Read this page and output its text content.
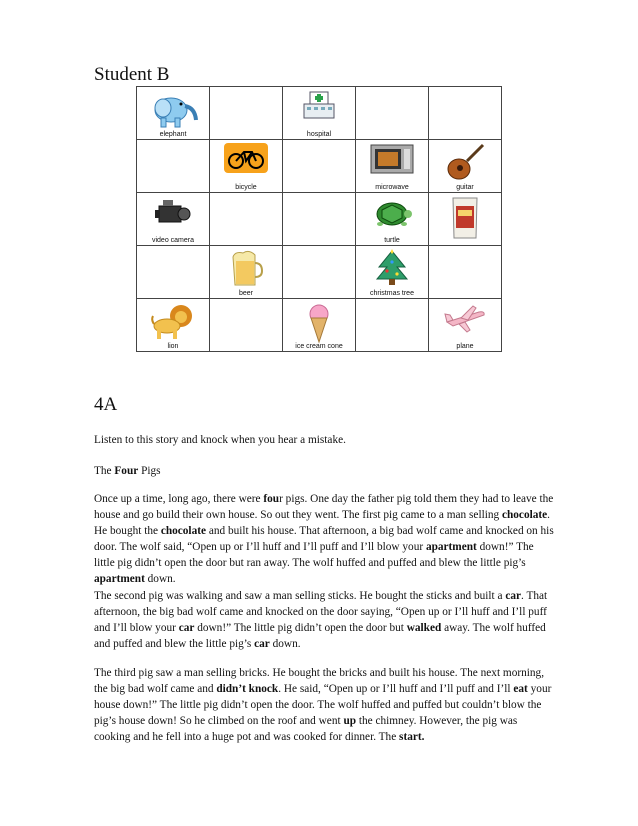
Student B
elephant		hospital		

	bicycle		microwave	guitar

video camera			turtle

	beer		christmas tree	

lion		ice cream cone		plane
4A

Listen to this story and knock when you hear a mistake.

The Four Pigs

Once up a time, long ago, there were four pigs. One day the father pig told them they had to leave the house and go build their own house. So out they went. The first pig came to a man selling chocolate. He bought the chocolate and built his house. That afternoon, a big bad wolf came and knocked on his door. The wolf said, “Open up or I’ll huff and I’ll puff and I’ll blow your apartment down!” The little pig didn’t open the door but ran away. The wolf huffed and puffed and blew the little pig’s apartment down.

The second pig was walking and saw a man selling sticks. He bought the sticks and built a car. That afternoon, the big bad wolf came and knocked on the door saying, “Open up or I’ll huff and I’ll puff and I’ll blow your car down!” The little pig didn’t open the door but walked away. The wolf huffed and puffed and blew the little pig’s car down.

The third pig saw a man selling bricks. He bought the bricks and built his house. The next morning, the big bad wolf came and didn’t knock. He said, “Open up or I’ll huff and I’ll puff and I’ll eat your house down!” The little pig didn’t open the door. The wolf huffed and puffed but couldn’t blow the pig’s house down! So he climbed on the roof and went up the chimney. However, the pig was cooking and he fell into a huge pot and was cooked for dinner. The start.
